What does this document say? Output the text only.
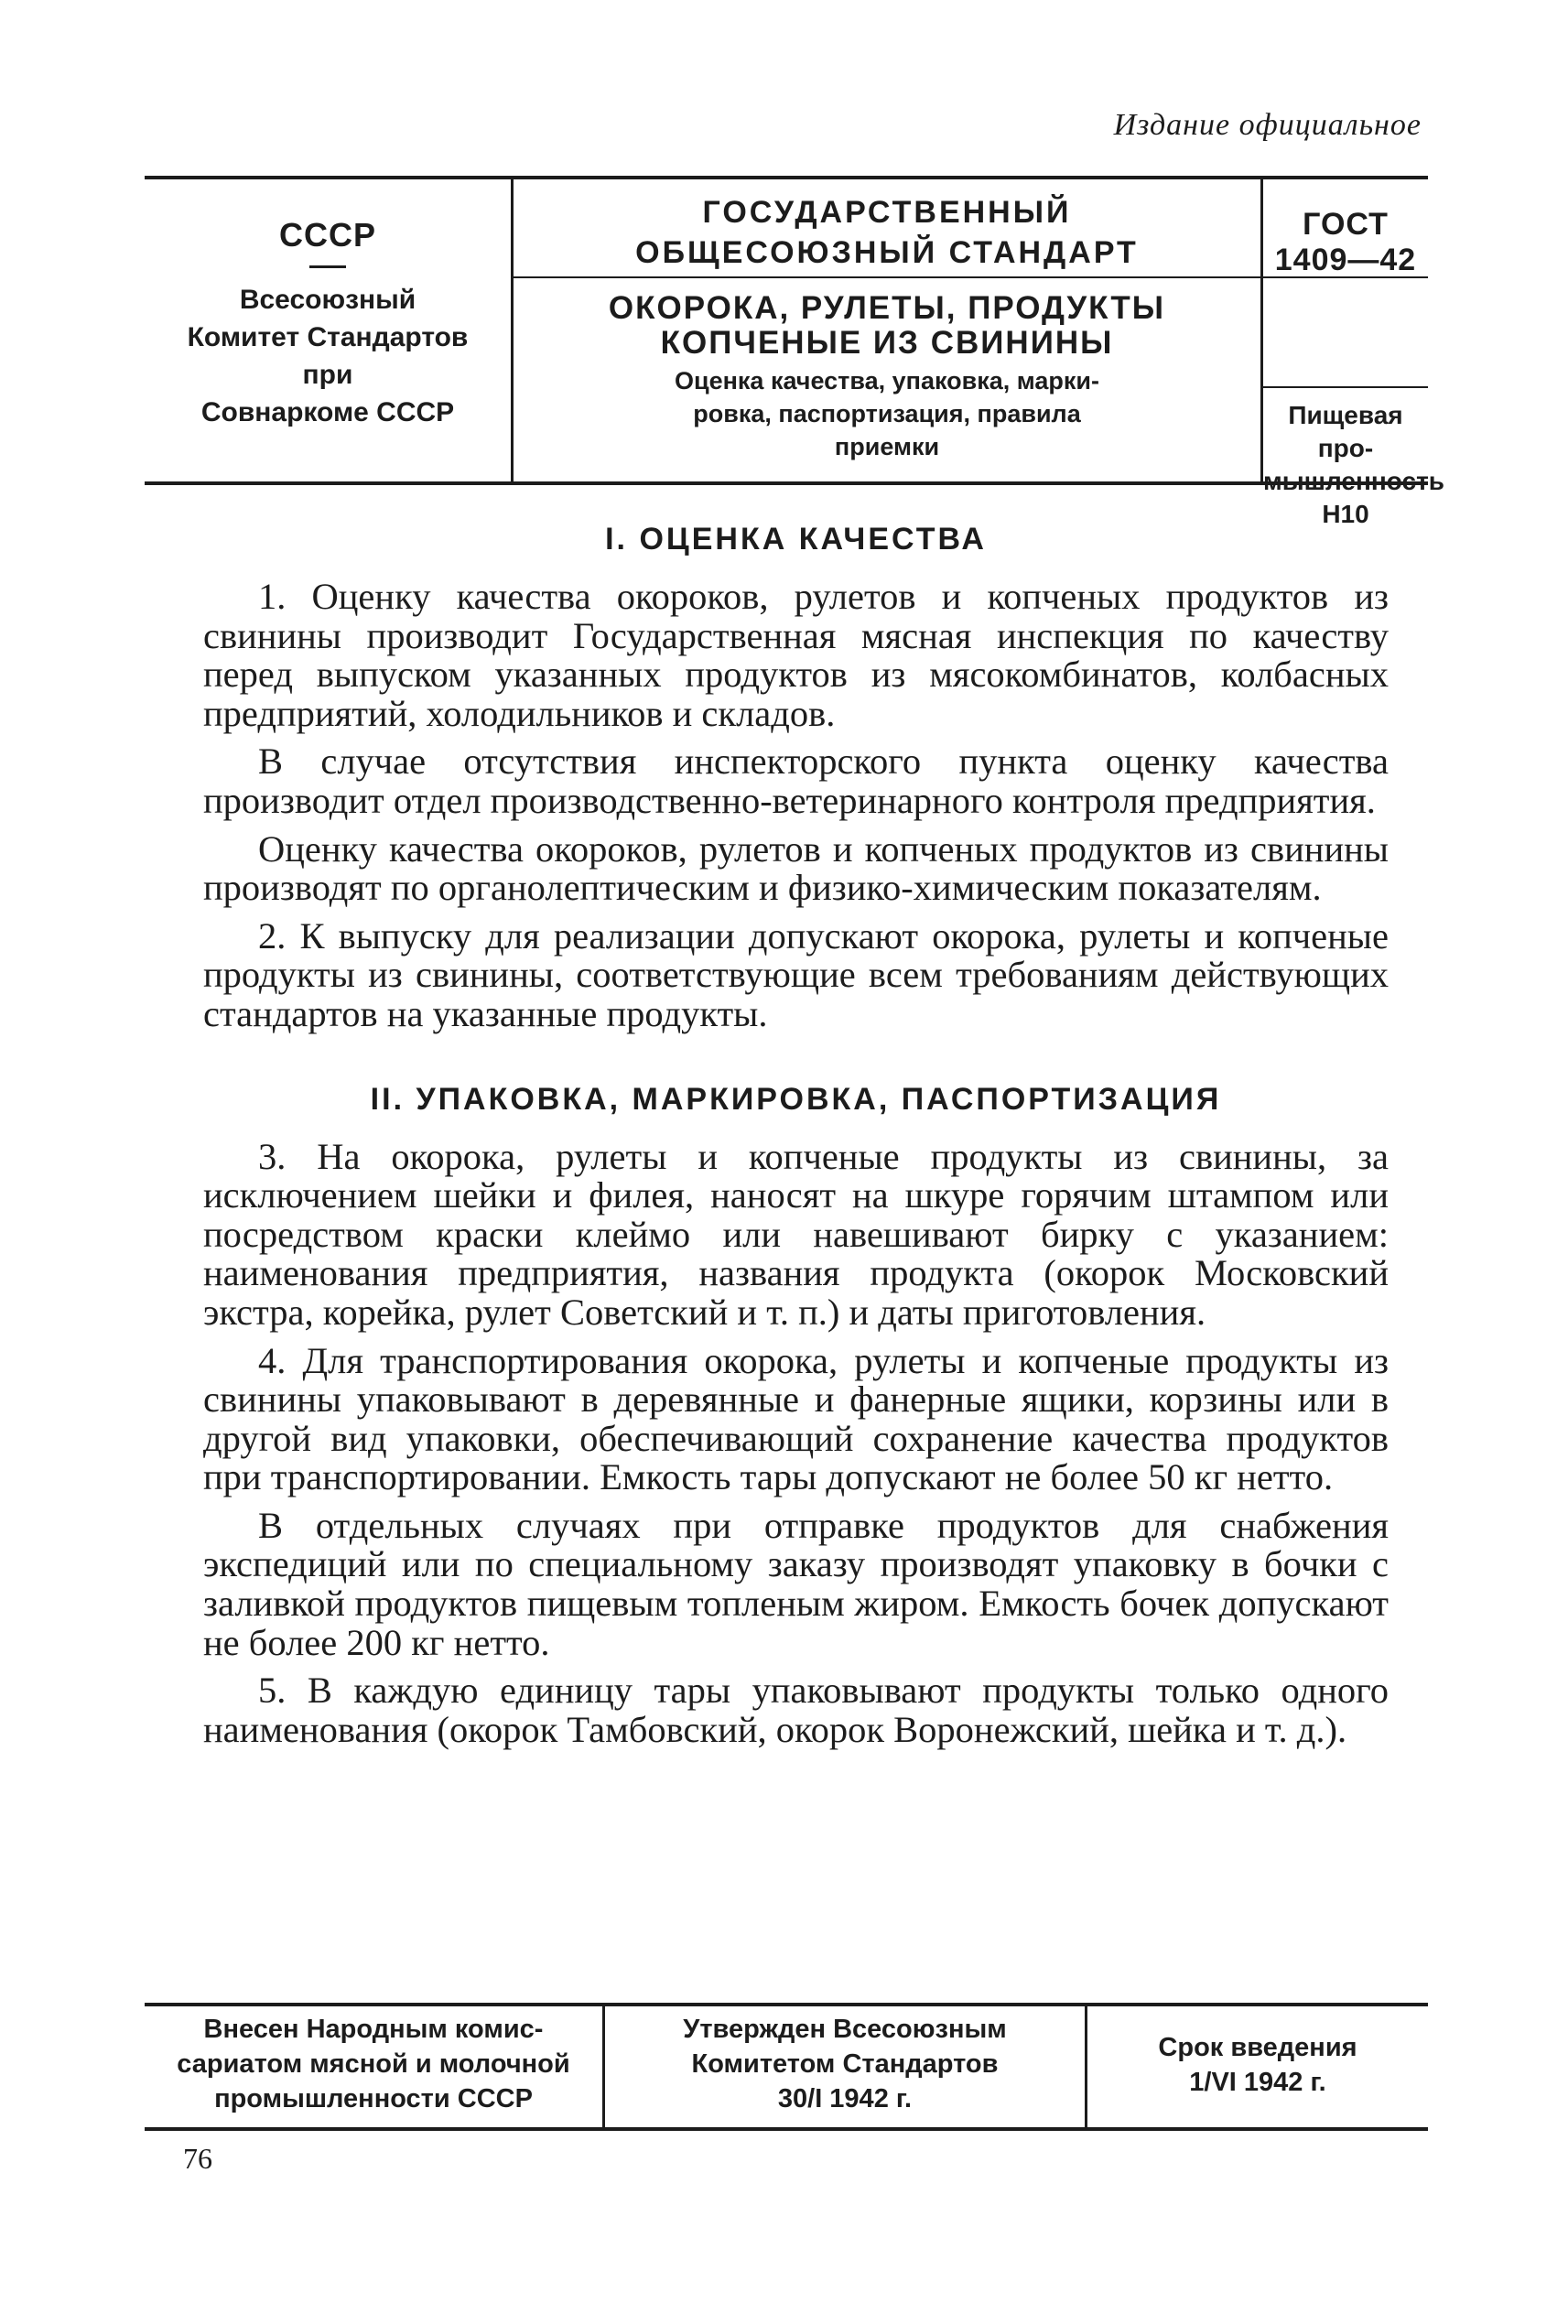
Издание официальное
СССР
Всесоюзный
Комитет Стандартов
при
Совнаркоме СССР
ГОСУДАРСТВЕННЫЙ
ОБЩЕСОЮЗНЫЙ СТАНДАРТ
ОКОРОКА, РУЛЕТЫ, ПРОДУКТЫ
КОПЧЕНЫЕ ИЗ СВИНИНЫ
Оценка качества, упаковка, марки-
ровка, паспортизация, правила
приемки
ГОСТ 1409—42
Пищевая про-
мышленность Н10
I. ОЦЕНКА КАЧЕСТВА

1. Оценку качества окороков, рулетов и копченых продуктов из свинины производит Государственная мясная инспекция по качеству перед выпуском указанных продуктов из мясокомбинатов, колбасных предприятий, холодильников и складов.

В случае отсутствия инспекторского пункта оценку качества производит отдел производственно-ветеринарного контроля предприятия.

Оценку качества окороков, рулетов и копченых продуктов из свинины производят по органолептическим и физико-химическим показателям.

2. К выпуску для реализации допускают окорока, рулеты и копченые продукты из свинины, соответствующие всем требованиям действующих стандартов на указанные продукты.

II. УПАКОВКА, МАРКИРОВКА, ПАСПОРТИЗАЦИЯ

3. На окорока, рулеты и копченые продукты из свинины, за исключением шейки и филея, наносят на шкуре горячим штампом или посредством краски клеймо или навешивают бирку с указанием: наименования предприятия, названия продукта (окорок Московский экстра, корейка, рулет Советский и т. п.) и даты приготовления.

4. Для транспортирования окорока, рулеты и копченые продукты из свинины упаковывают в деревянные и фанерные ящики, корзины или в другой вид упаковки, обеспечивающий сохранение качества продуктов при транспортировании. Емкость тары допускают не более 50 кг нетто.

В отдельных случаях при отправке продуктов для снабжения экспедиций или по специальному заказу производят упаковку в бочки с заливкой продуктов пищевым топленым жиром. Емкость бочек допускают не более 200 кг нетто.

5. В каждую единицу тары упаковывают продукты только одного наименования (окорок Тамбовский, окорок Воронежский, шейка и т. д.).

Внесен Народным комис-
сариатом мясной и молочной
промышленности СССР
Утвержден Всесоюзным
Комитетом Стандартов
30/I 1942 г.
Срок введения
1/VI 1942 г.
76
